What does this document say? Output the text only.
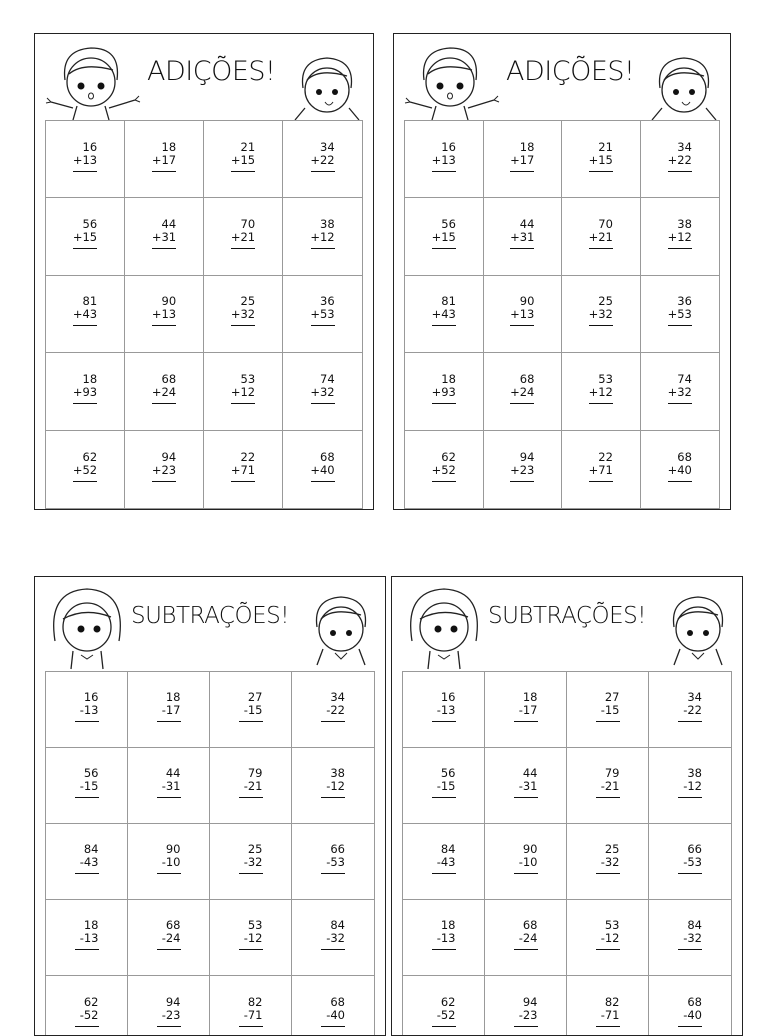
ADIÇÕES!
16
+13
18
+17
21
+15
34
+22
56
+15
44
+31
70
+21
38
+12
81
+43
90
+13
25
+32
36
+53
18
+93
68
+24
53
+12
74
+32
62
+52
94
+23
22
+71
68
+40
ADIÇÕES!
16
+13
18
+17
21
+15
34
+22
56
+15
44
+31
70
+21
38
+12
81
+43
90
+13
25
+32
36
+53
18
+93
68
+24
53
+12
74
+32
62
+52
94
+23
22
+71
68
+40
SUBTRAÇÕES!
16
-13
18
-17
27
-15
34
-22
56
-15
44
-31
79
-21
38
-12
84
-43
90
-10
25
-32
66
-53
18
-13
68
-24
53
-12
84
-32
62
-52
94
-23
82
-71
68
-40
SUBTRAÇÕES!
16
-13
18
-17
27
-15
34
-22
56
-15
44
-31
79
-21
38
-12
84
-43
90
-10
25
-32
66
-53
18
-13
68
-24
53
-12
84
-32
62
-52
94
-23
82
-71
68
-40
